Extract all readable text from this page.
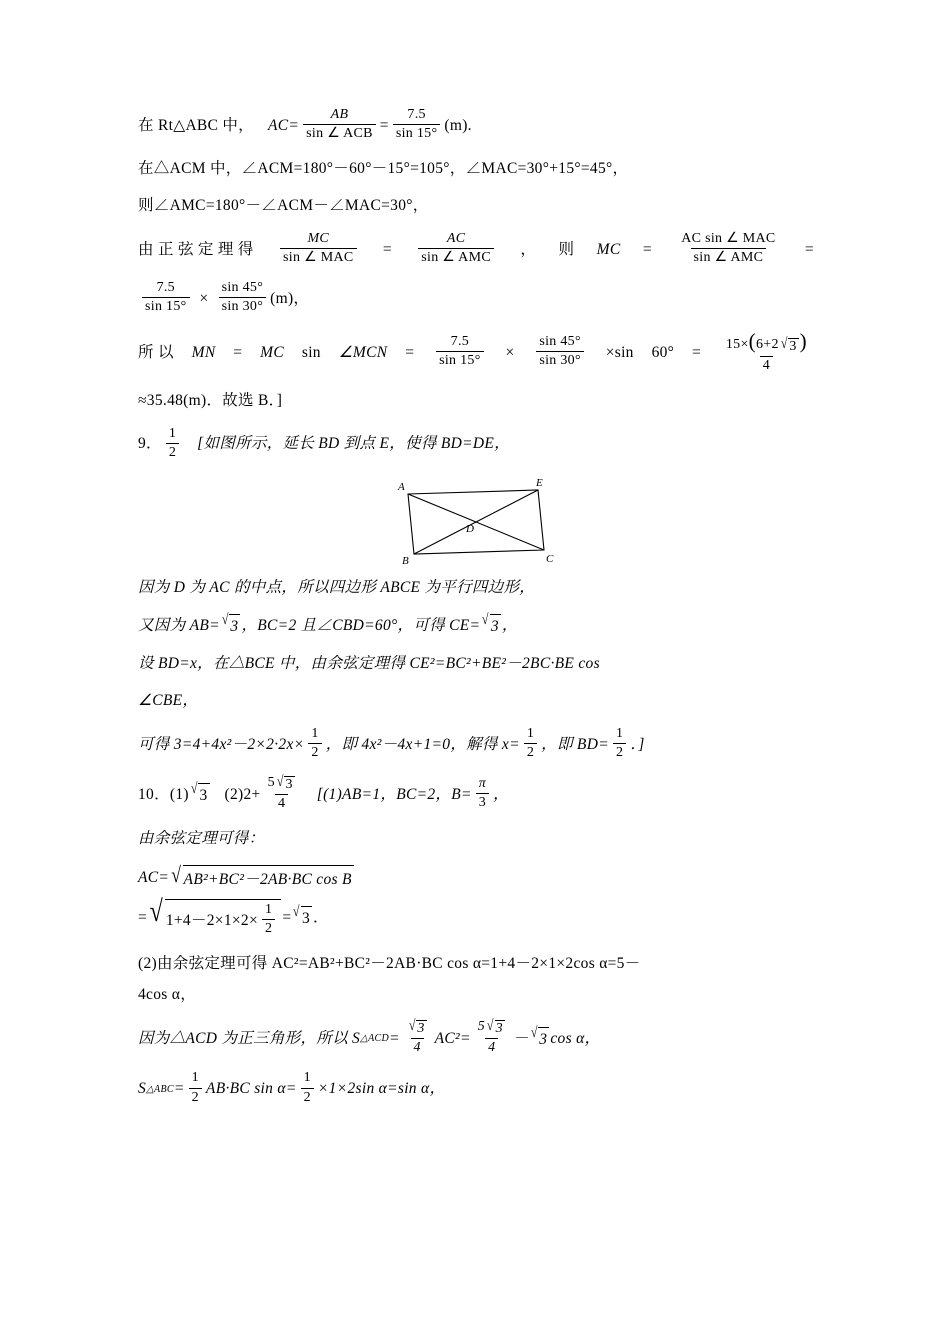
在 Rt△ABC 中， $AC= \frac{AB}{\text{sin ∠ ACB}} = \frac{7.5}{\sin 15^\circ} (m)$.
在△ACM 中，∠ACM=180°－60°－15°=105°，∠MAC=30°+15°=45°，
则∠AMC=180°－∠ACM－∠MAC=30°，
由 正 弦 定 理 得 $\frac{MC}{\text{sin ∠ MAC}} = \frac{AC}{\text{sin ∠ AMC}}$ ， 则 MC = $\frac{\text{AC sin ∠ MAC}}{\text{sin ∠ AMC}}$ =
$\frac{7.5}{\sin 15^\circ} \times \frac{\sin 45^\circ}{\sin 30^\circ} (m)$，
所 以 MN = MC sin ∠MCN = $\frac{7.5}{\sin 15^\circ} \times \frac{\sin 45^\circ}{\sin 30^\circ} \times\sin$ $60^\circ = \frac{15\times(6+2 √ 3 )}{4}$
≈35.48(m)．故选 B．]
9． $\frac{1}{2}$ [如图所示，延长 BD 到点 E，使得 BD=DE，
A	E
D
B	C
因为 D 为 AC 的中点，所以四边形 ABCE 为平行四边形，
又因为 AB= √ 3 ，BC=2 且∠CBD=60°，可得 CE= √ 3 ，
设 BD=x，在△BCE 中，由余弦定理得 CE²=BC²+BE²－2BC·BE cos
∠CBE，
可得 $3=4+4x^2-2\times 2\cdot 2x\times \frac{1}{2}$ ，即 4x²－4x+1=0，解得 $x= \frac{1}{2}$ ，即 $BD= \frac{1}{2}$ ．]
10． (1) √ 3 $(2)2+ \frac{5 √ 3}{4} [(1)AB=1$，BC=2，$B= \frac{\pi}{3}$ ，
由余弦定理可得：
AC= √ AB²+BC²－2AB·BC cos B
= √ $1+4-2\times 1\times 2\times \frac{1}{2}$ = √ 3 ．
(2)由余弦定理可得 AC²=AB²+BC²－2AB·BC cos α=1+4－2×1×2cos α=5－
4cos α，
因为△ACD 为正三角形，所以 S △ACD = $\frac{√ 3}{4} AC^2= \frac{5 √ 3}{4}$ － √ 3 cos α，
S △ABC = $\frac{1}{2} AB\cdot BC$ $\sin \alpha= \frac{1}{2} \times 1\times 2\sin$ α=sin α，
